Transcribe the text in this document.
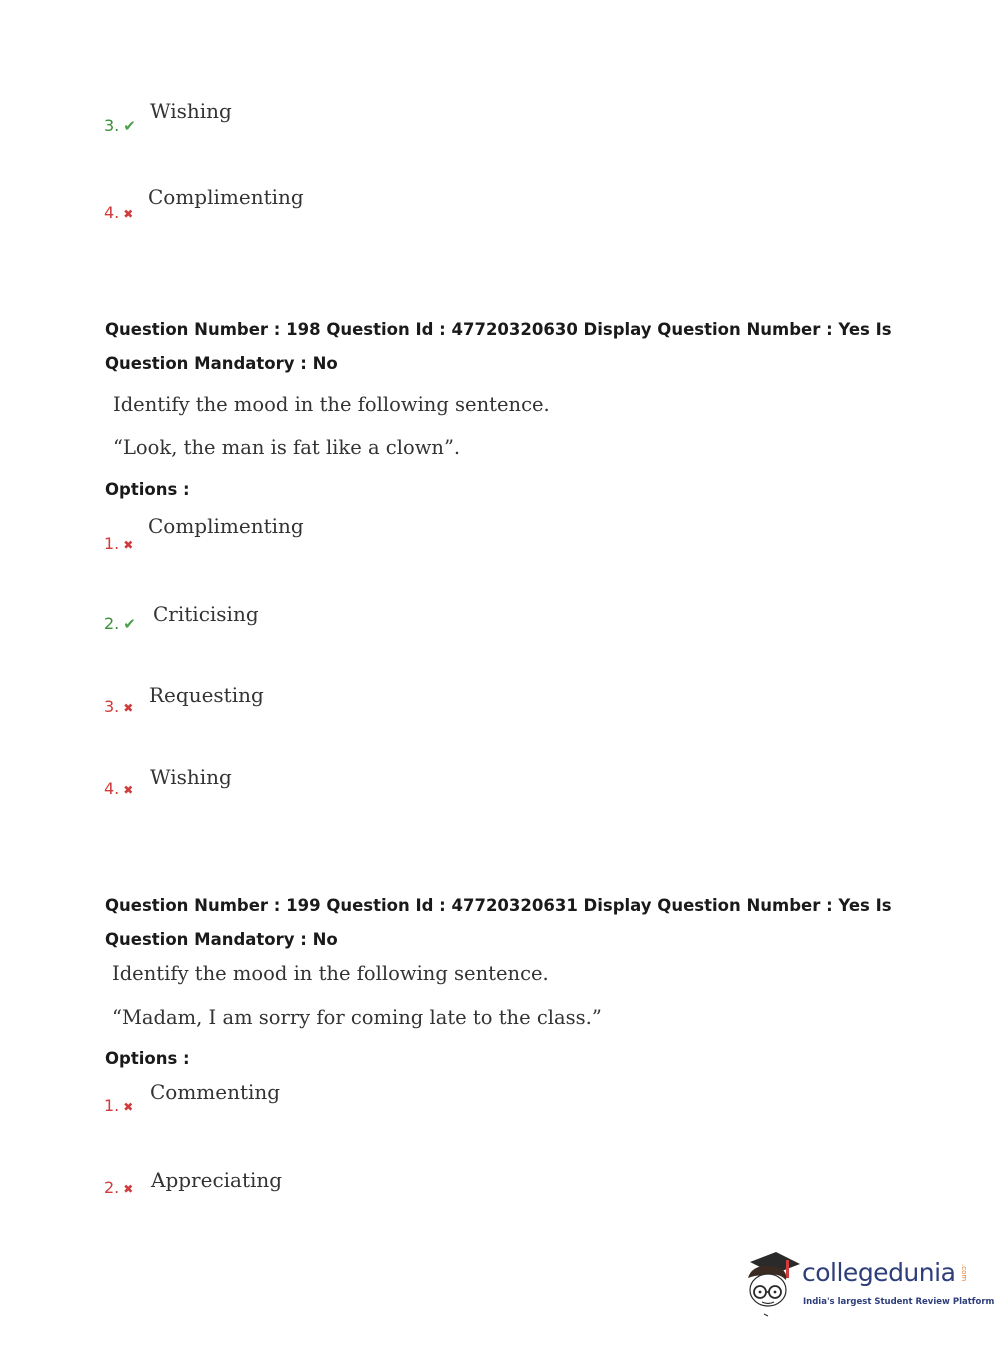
3. ✔
Wishing
4. ✖
Complimenting
Question Number : 198 Question Id : 47720320630 Display Question Number : Yes Is Question Mandatory : No
Identify the mood in the following sentence.
“Look, the man is fat like a clown”.
Options :
1. ✖
Complimenting
2. ✔ Criticising
3. ✖
Requesting
4. ✖
Wishing
Question Number : 199 Question Id : 47720320631 Display Question Number : Yes Is Question Mandatory : No
Identify the mood in the following sentence.
“Madam, I am sorry for coming late to the class.”
Options :
1. ✖
Commenting
2. ✖ Appreciating
collegedunia .com
India's largest Student Review Platform
